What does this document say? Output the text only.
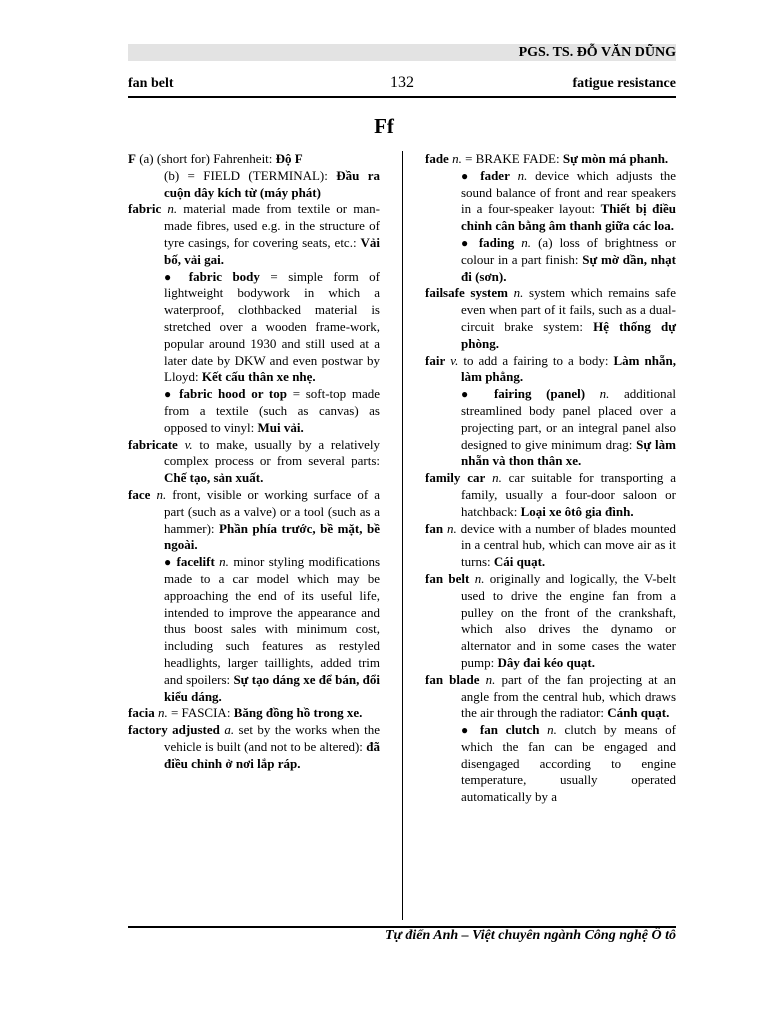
PGS. TS. ĐỖ VĂN DŨNG
fan belt	132	fatigue resistance
Ff

F (a) (short for) Fahrenheit: Độ F

(b) = FIELD (TERMINAL): Đầu ra cuộn dây kích từ (máy phát)

fabric n. material made from textile or man-made fibres, used e.g. in the structure of tyre casings, for covering seats, etc.: Vải bố, vải gai.

● fabric body = simple form of lightweight bodywork in which a waterproof, clothbacked material is stretched over a wooden frame-work, popular around 1930 and still used at a later date by DKW and even postwar by Lloyd: Kết cấu thân xe nhẹ.

● fabric hood or top = soft-top made from a textile (such as canvas) as opposed to vinyl: Mui vải.

fabricate v. to make, usually by a relatively complex process or from several parts: Chế tạo, sản xuất.

face n. front, visible or working surface of a part (such as a valve) or a tool (such as a hammer): Phần phía trước, bề mặt, bề ngoài.

● facelift n. minor styling modifications made to a car model which may be approaching the end of its useful life, intended to improve the appearance and thus boost sales with minimum cost, including such features as restyled headlights, larger taillights, added trim and spoilers: Sự tạo dáng xe để bán, đổi kiểu dáng.

facia n. = FASCIA: Băng đồng hồ trong xe.

factory adjusted a. set by the works when the vehicle is built (and not to be altered): đã điều chỉnh ở nơi lắp ráp.

fade n. = BRAKE FADE: Sự mòn má phanh.

● fader n. device which adjusts the sound balance of front and rear speakers in a four-speaker layout: Thiết bị điều chỉnh cân bằng âm thanh giữa các loa.

● fading n. (a) loss of brightness or colour in a part finish: Sự mờ dần, nhạt đi (sơn).

failsafe system n. system which remains safe even when part of it fails, such as a dual-circuit brake system: Hệ thống dự phòng.

fair v. to add a fairing to a body: Làm nhẵn, làm phẳng.

● fairing (panel) n. additional streamlined body panel placed over a projecting part, or an integral panel also designed to give minimum drag: Sự làm nhẵn và thon thân xe.

family car n. car suitable for transporting a family, usually a four-door saloon or hatchback: Loại xe ôtô gia đình.

fan n. device with a number of blades mounted in a central hub, which can move air as it turns: Cái quạt.

fan belt n. originally and logically, the V-belt used to drive the engine fan from a pulley on the front of the crankshaft, which also drives the dynamo or alternator and in some cases the water pump: Dây đai kéo quạt.

fan blade n. part of the fan projecting at an angle from the central hub, which draws the air through the radiator: Cánh quạt.

● fan clutch n. clutch by means of which the fan can be engaged and disengaged according to engine temperature, usually operated automatically by a

Tự điển Anh – Việt chuyên ngành Công nghệ Ô tô
